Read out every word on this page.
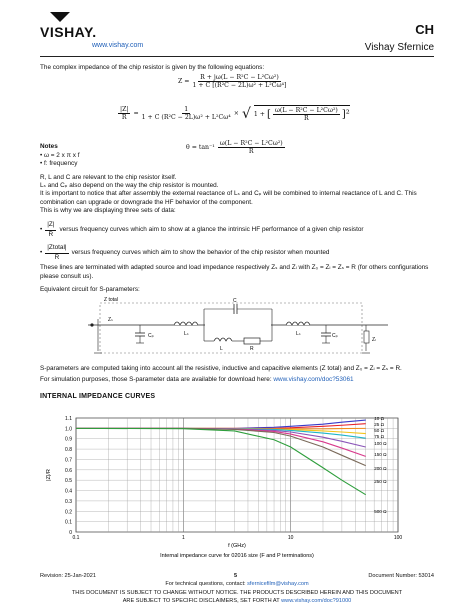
VISHAY.
www.vishay.com
CH
Vishay Sfernice
The complex impedance of the chip resistor is given by the following equations:
$Z = \frac{\text{R + jω(L − R²C − L²Cω²)}}{\text{1 + C [(R²C − 2L)ω² + L²Cω⁴]}}$
$\frac{|Z|}{R} = \frac{1}{\text{1 + C (R²C − 2L)ω² + L²Cω⁴}}$ × √ 1 + [ $\frac{\text{ω(L − R²C − L²Cω²)}}{R} ]^2$
$\theta = \tan^{-1} \frac{\text{ω(L − R²C − L²Cω²)}}{R}$
Notes
• ω = 2 x π x f
• f: frequency
R, L and C are relevant to the chip resistor itself.
Lₛ and Cₚ also depend on the way the chip resistor is mounted.
It is important to notice that after assembly the external reactance of Lₛ and Cₚ will be combined to internal reactance of L and C. This combination can upgrade or downgrade the HF behavior of the component.
This is why we are displaying three sets of data:
• $\frac{|Z|}{R}$ versus frequency curves which aim to show at a glance the intrinsic HF performance of a given chip resistor
•
|Ztotal|
R
versus frequency curves which aim to show the behavior of the chip resistor when mounted
These lines are terminated with adapted source and load impedance respectively Zₛ and Zₗ with Z₀ = Zₗ = Zₛ = R (for others configurations please consult us).
Equivalent circuit for S-parameters:
Z total
Zₛ
Cₚ	Lₛ
C
L	R
Lₛ	Cₚ
Zₗ
S-parameters are computed taking into account all the resistive, inductive and capacitive elements (Z total) and Z₀ = Zₗ = Zₛ = R.
For simulation purposes, those S-parameter data are available for download here: www.vishay.com/doc?53061
INTERNAL IMPEDANCE CURVES
10 Ω
25 Ω
50 Ω
75 Ω
100 Ω
150 Ω
200 Ω
250 Ω
500 Ω
0
0.1
0.2
0.3
0.4
0.5
0.6
0.7
0.8
0.9
1.0
1.1
0.1	1	10	100
|Z|/R
f (GHz)
Internal impedance curve for 02016 size (F and P terminations)
Revision: 25-Jan-2021	5	Document Number: 53014
For technical questions, contact: sfernicefilm@vishay.com
THIS DOCUMENT IS SUBJECT TO CHANGE WITHOUT NOTICE. THE PRODUCTS DESCRIBED HEREIN AND THIS DOCUMENT
ARE SUBJECT TO SPECIFIC DISCLAIMERS, SET FORTH AT www.vishay.com/doc?91000
